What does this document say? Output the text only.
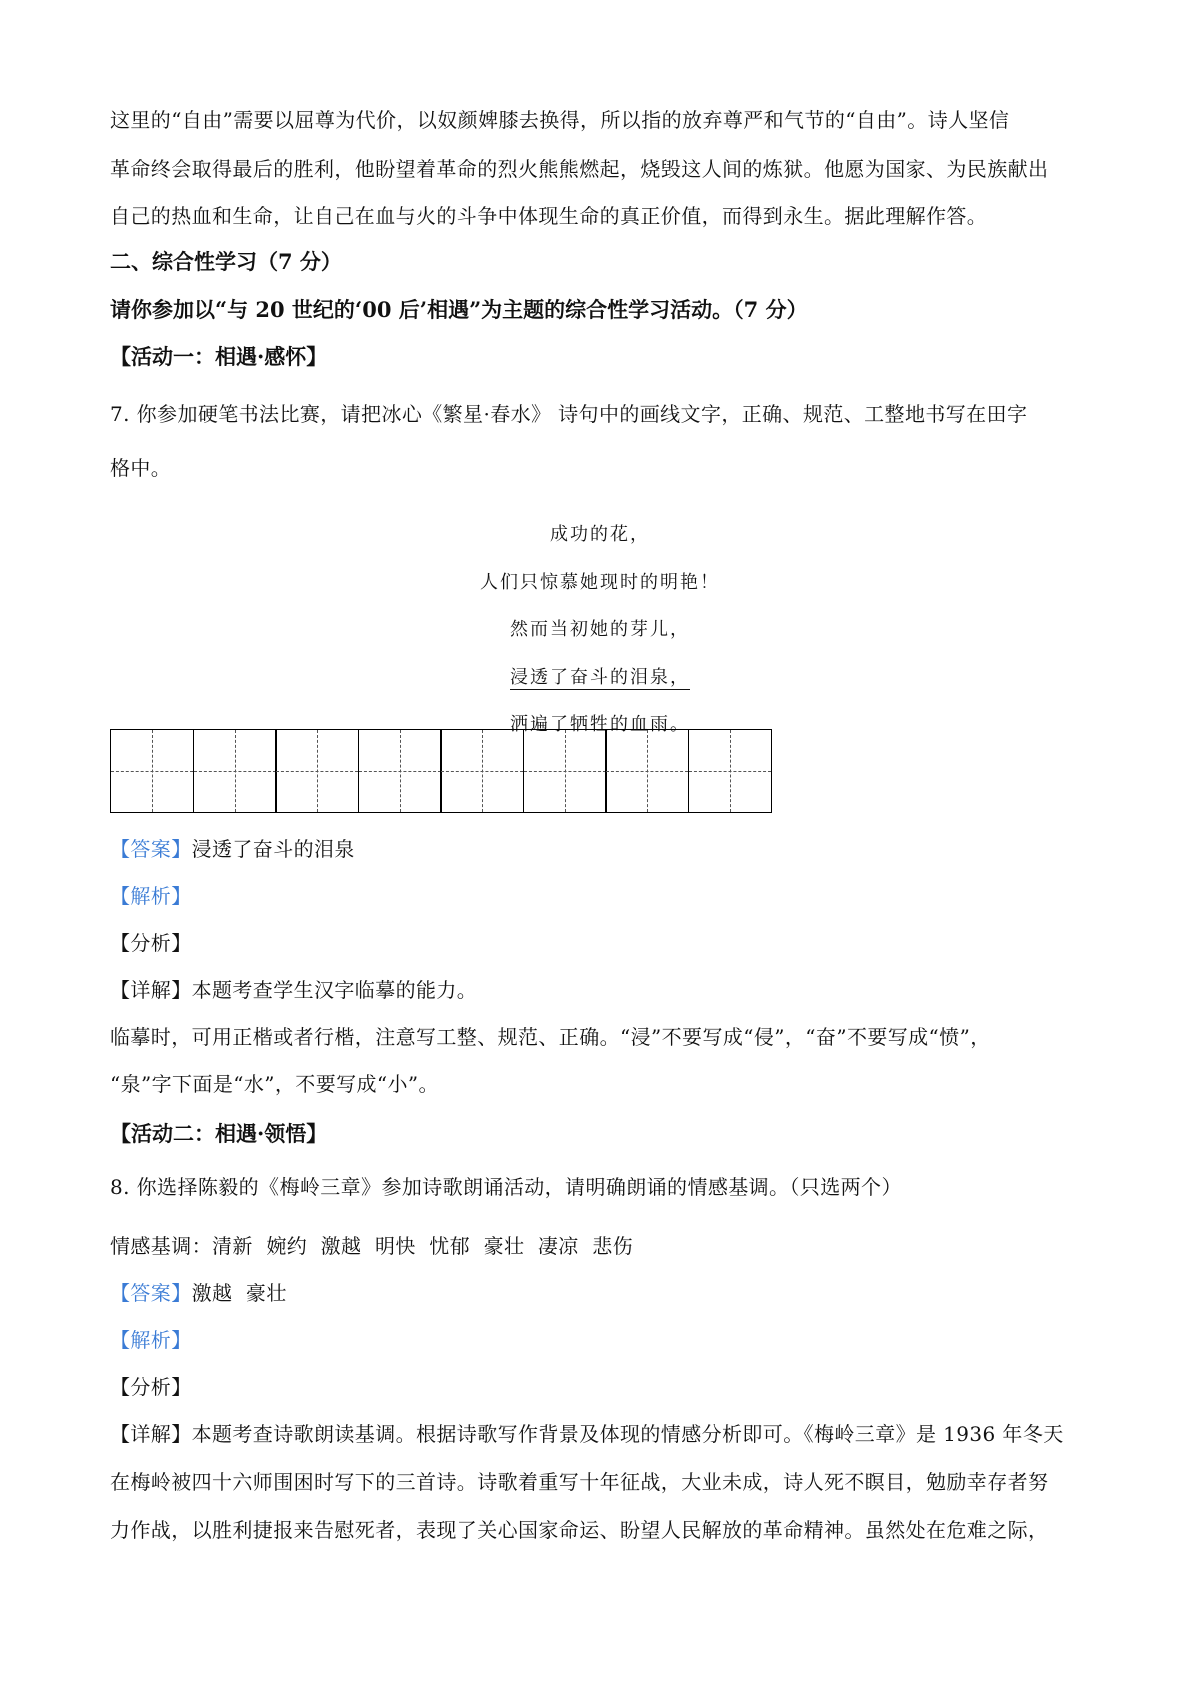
这里的“自由”需要以屈尊为代价，以奴颜婢膝去换得，所以指的放弃尊严和气节的“自由”。诗人坚信

革命终会取得最后的胜利，他盼望着革命的烈火熊熊燃起，烧毁这人间的炼狱。他愿为国家、为民族献出

自己的热血和生命，让自己在血与火的斗争中体现生命的真正价值，而得到永生。据此理解作答。

二、综合性学习（7 分）

请你参加以“与 20 世纪的‘00 后’相遇”为主题的综合性学习活动。（7 分）

【活动一：相遇·感怀】

7. 你参加硬笔书法比赛，请把冰心《繁星·春水》 诗句中的画线文字，正确、规范、工整地书写在田字

格中。

成功的花，

人们只惊慕她现时的明艳！

然而当初她的芽儿，

浸透了奋斗的泪泉，

洒遍了牺牲的血雨。

【答案】浸透了奋斗的泪泉

【解析】

【分析】

【详解】本题考查学生汉字临摹的能力。

临摹时，可用正楷或者行楷，注意写工整、规范、正确。“浸”不要写成“侵”，“奋”不要写成“愤”，

“泉”字下面是“水”，不要写成“小”。

【活动二：相遇·领悟】

8. 你选择陈毅的《梅岭三章》参加诗歌朗诵活动，请明确朗诵的情感基调。（只选两个）

情感基调：清新  婉约  激越  明快  忧郁  豪壮  凄凉  悲伤

【答案】激越  豪壮

【解析】

【分析】

【详解】本题考查诗歌朗读基调。根据诗歌写作背景及体现的情感分析即可。《梅岭三章》是 1936 年冬天

在梅岭被四十六师围困时写下的三首诗。诗歌着重写十年征战，大业未成，诗人死不瞑目，勉励幸存者努

力作战，以胜利捷报来告慰死者，表现了关心国家命运、盼望人民解放的革命精神。虽然处在危难之际，
